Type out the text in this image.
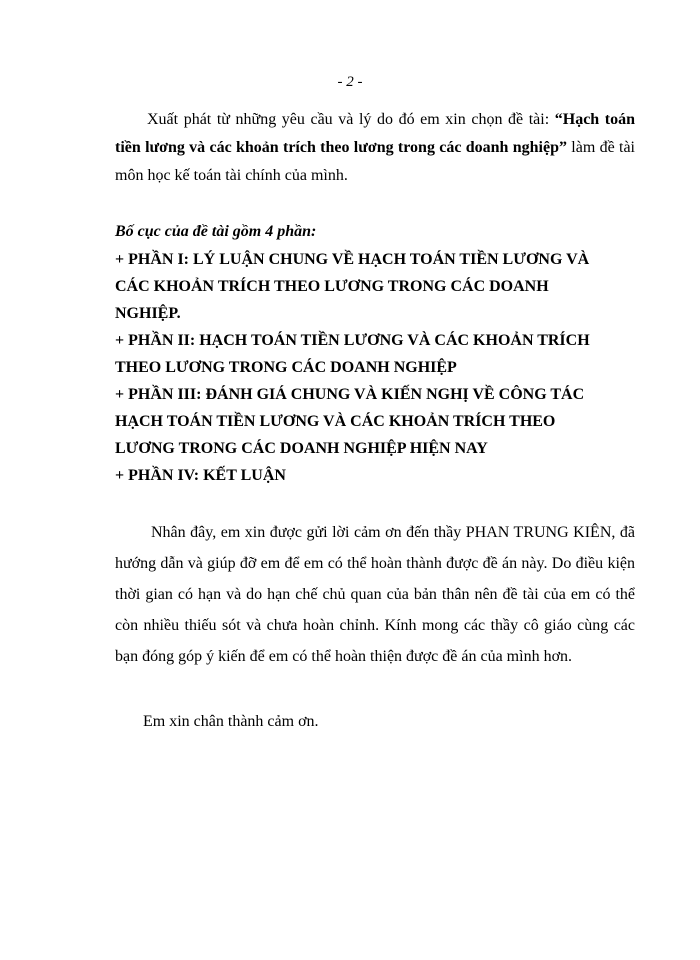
- 2 -

Xuất phát từ những yêu cầu và lý do đó em xin chọn đề tài: “Hạch toán tiền lương và các khoản trích theo lương trong các doanh nghiệp” làm đề tài môn học kế toán tài chính của mình.

Bố cục của đề tài gồm 4 phần:

+ PHẦN I: LÝ LUẬN CHUNG VỀ HẠCH TOÁN TIỀN LƯƠNG VÀ
CÁC KHOẢN TRÍCH THEO LƯƠNG TRONG CÁC DOANH
NGHIỆP.

+ PHẦN II: HẠCH TOÁN TIỀN LƯƠNG VÀ CÁC KHOẢN TRÍCH
THEO LƯƠNG TRONG CÁC DOANH NGHIỆP

+ PHẦN III: ĐÁNH GIÁ CHUNG VÀ KIẾN NGHỊ VỀ CÔNG TÁC
HẠCH TOÁN TIỀN LƯƠNG VÀ CÁC KHOẢN TRÍCH THEO
LƯƠNG TRONG CÁC DOANH NGHIỆP HIỆN NAY

+ PHẦN IV: KẾT LUẬN

Nhân đây, em xin được gửi lời cảm ơn đến thầy PHAN TRUNG KIÊN, đã hướng dẫn và giúp đỡ em để em có thể hoàn thành được đề án này. Do điều kiện thời gian có hạn và do hạn chế chủ quan của bản thân nên đề tài của em có thể còn nhiều thiếu sót và chưa hoàn chỉnh. Kính mong các thầy cô giáo cùng các bạn đóng góp ý kiến để em có thể hoàn thiện được đề án của mình hơn.

Em xin chân thành cảm ơn.
